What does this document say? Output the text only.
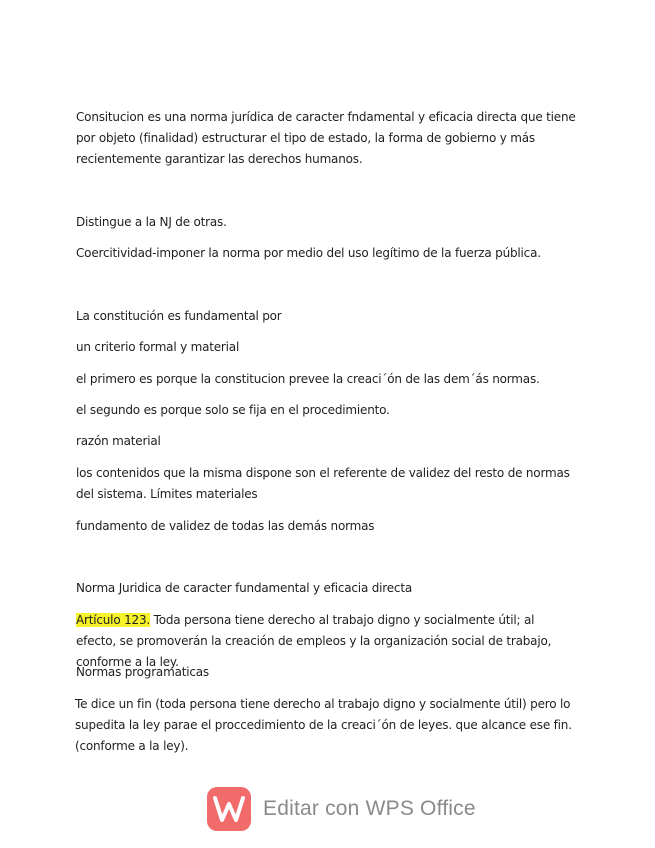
Consitucion es una norma jurídica de caracter fndamental y eficacia directa que tiene por objeto (finalidad) estructurar el tipo de estado, la forma de gobierno y más recientemente garantizar las derechos humanos.

Distingue a la NJ de otras.

Coercitividad-imponer la norma por medio del uso legítimo de la fuerza pública.

La constitución es fundamental por

un criterio formal y material

el primero es porque la constitucion prevee la creaci´ón de las dem´ás normas.

el segundo es porque solo se fija en el procedimiento.

razón material

los contenidos que la misma dispone son el referente de validez del resto de normas del sistema. Límites materiales

fundamento de validez de todas las demás normas

Norma Juridica de caracter fundamental y eficacia directa

Artículo 123. Toda persona tiene derecho al trabajo digno y socialmente útil; al efecto, se promoverán la creación de empleos y la organización social de trabajo, conforme a la ley.

Normas programaticas

Te dice un fin (toda persona tiene derecho al trabajo digno y socialmente útil) pero lo supedita la ley parae el proccedimiento de la creaci´ón de leyes. que alcance ese fin. (conforme a la ley).

Editar con WPS Office
